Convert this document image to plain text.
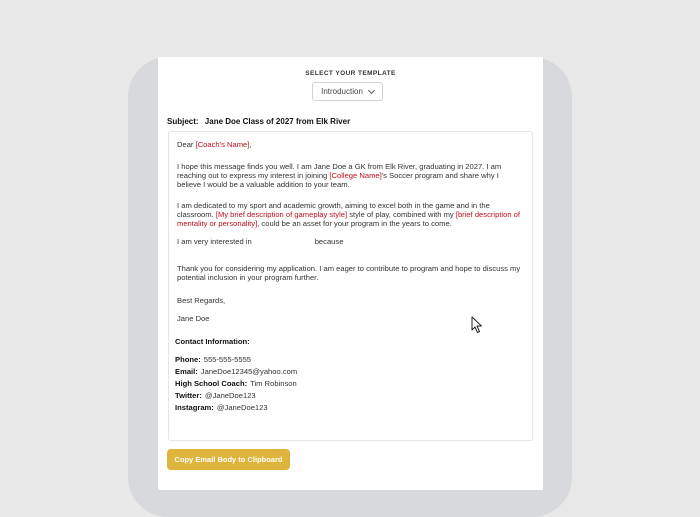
SELECT YOUR TEMPLATE
Introduction
Subject: Jane Doe Class of 2027 from Elk River

Dear [Coach's Name],

I hope this message finds you well. I am Jane Doe a GK from Elk River, graduating in 2027. I am reaching out to express my interest in joining [College Name]'s Soccer program and share why I believe I would be a valuable addition to your team.

I am dedicated to my sport and academic growth, aiming to excel both in the game and in the classroom. [My brief description of gameplay style] style of play, combined with my [brief description of mentality or personality], could be an asset for your program in the years to come.

I am very interested in	because

Thank you for considering my application. I am eager to contribute to program and hope to discuss my potential inclusion in your program further.

Best Regards,

Jane Doe

Contact Information:

Phone: 555-555-5555

Email: JaneDoe12345@yahoo.com

High School Coach: Tim Robinson

Twitter: @JaneDoe123

Instagram: @JaneDoe123

Copy Email Body to Clipboard
